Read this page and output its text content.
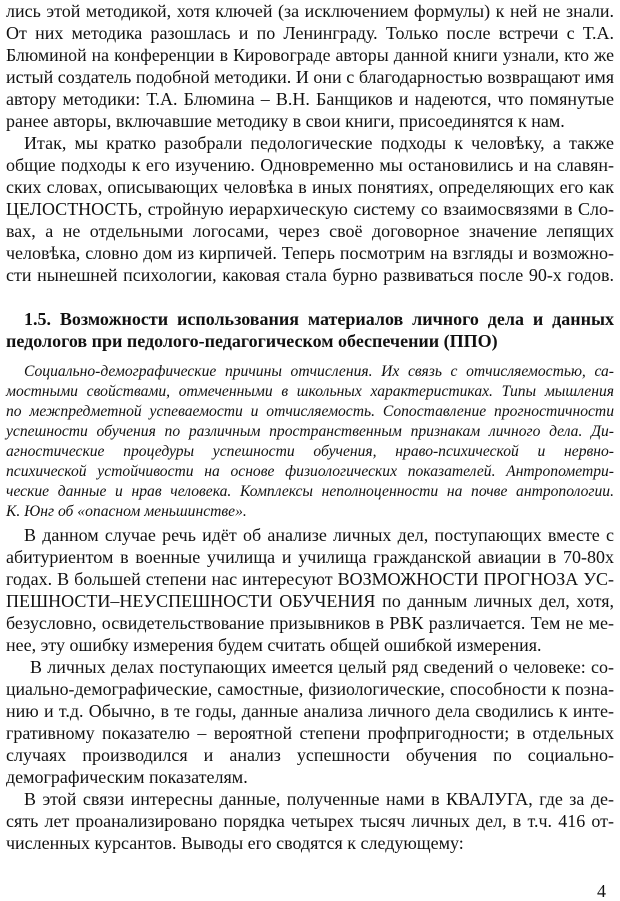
лись этой методикой, хотя ключей (за исключением формулы) к ней не знали.
От них методика разошлась и по Ленинграду. Только после встречи с Т.А.
Блюминой на конференции в Кировограде авторы данной книги узнали, кто же
истый создатель подобной методики. И они с благодарностью возвращают имя
автору методики: Т.А. Блюмина – В.Н. Банщиков и надеются, что помянутые
ранее авторы, включавшие методику в свои книги, присоединятся к нам.
Итак, мы кратко разобрали педологические подходы к человѣку, а также
общие подходы к его изучению. Одновременно мы остановились и на славян-
ских словах, описывающих человѣка в иных понятиях, определяющих его как
ЦЕЛОСТНОСТЬ, стройную иерархическую систему со взаимосвязями в Сло-
вах, а не отдельными логосами, через своё договорное значение лепящих
человѣка, словно дом из кирпичей. Теперь посмотрим на взгляды и возможно-
сти нынешней психологии, каковая стала бурно развиваться после 90-х годов.
1.5. Возможности использования материалов личного дела и данных
педологов при педолого-педагогическом обеспечении (ППО)
Социально-демографические причины отчисления. Их связь с отчисляемостью, са-
мостными свойствами, отмеченными в школьных характеристиках. Типы мышления
по межпредметной успеваемости и отчисляемость. Сопоставление прогностичности
успешности обучения по различным пространственным признакам личного дела. Ди-
агностические процедуры успешности обучения, нраво-психической и нервно-
психической устойчивости на основе физиологических показателей. Антропометри-
ческие данные и нрав человека. Комплексы неполноценности на почве антропологии.
К. Юнг об «опасном меньшинстве».
В данном случае речь идёт об анализе личных дел, поступающих вместе с
абитуриентом в военные училища и училища гражданской авиации в 70-80х
годах. В большей степени нас интересуют ВОЗМОЖНОСТИ ПРОГНОЗА УС-
ПЕШНОСТИ–НЕУСПЕШНОСТИ ОБУЧЕНИЯ по данным личных дел, хотя,
безусловно, освидетельствование призывников в РВК различается. Тем не ме-
нее, эту ошибку измерения будем считать общей ошибкой измерения.
В личных делах поступающих имеется целый ряд сведений о человеке: со-
циально-демографические, самостные, физиологические, способности к позна-
нию и т.д. Обычно, в те годы, данные анализа личного дела сводились к инте-
гративному показателю – вероятной степени профпригодности; в отдельных
случаях производился и анализ успешности обучения по социально-
демографическим показателям.
В этой связи интересны данные, полученные нами в КВАЛУГА, где за де-
сять лет проанализировано порядка четырех тысяч личных дел, в т.ч. 416 от-
численных курсантов. Выводы его сводятся к следующему:
4
